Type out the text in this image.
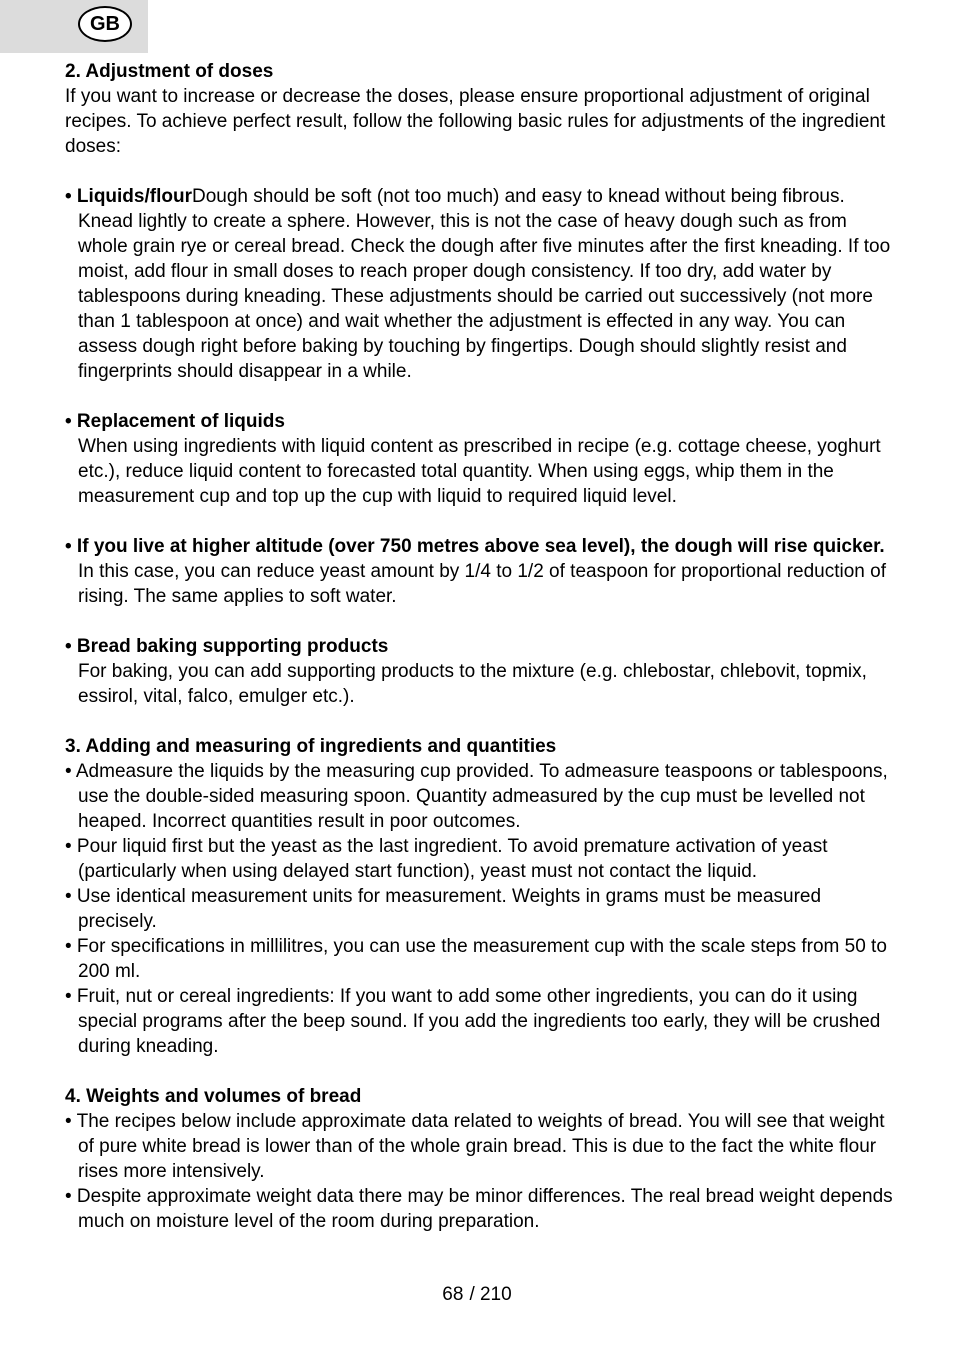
GB

2. Adjustment of doses

If you want to increase or decrease the doses, please ensure proportional adjustment of original recipes. To achieve perfect result, follow the following basic rules for adjustments of the ingredient doses:

• Liquids/flourDough should be soft (not too much) and easy to knead without being fibrous. Knead lightly to create a sphere. However, this is not the case of heavy dough such as from whole grain rye or cereal bread. Check the dough after five minutes after the first kneading. If too moist, add flour in small doses to reach proper dough consistency. If too dry, add water by tablespoons during kneading. These adjustments should be carried out successively (not more than 1 tablespoon at once) and wait whether the adjustment is effected in any way. You can assess dough right before baking by touching by fingertips. Dough should slightly resist and fingerprints should disappear in a while.

• Replacement of liquids

When using ingredients with liquid content as prescribed in recipe (e.g. cottage cheese, yoghurt etc.), reduce liquid content to forecasted total quantity. When using eggs, whip them in the measurement cup and top up the cup with liquid to required liquid level.

• If you live at higher altitude (over 750 metres above sea level), the dough will rise quicker. In this case, you can reduce yeast amount by 1/4 to 1/2 of teaspoon for proportional reduction of rising. The same applies to soft water.

• Bread baking supporting products

For baking, you can add supporting products to the mixture (e.g. chlebostar, chlebovit, topmix, essirol, vital, falco, emulger etc.).

3. Adding and measuring of ingredients and quantities

• Admeasure the liquids by the measuring cup provided. To admeasure teaspoons or tablespoons, use the double-sided measuring spoon. Quantity admeasured by the cup must be levelled not heaped. Incorrect quantities result in poor outcomes.

• Pour liquid first but the yeast as the last ingredient. To avoid premature activation of yeast (particularly when using delayed start function), yeast must not contact the liquid.

• Use identical measurement units for measurement. Weights in grams must be measured precisely.

• For specifications in millilitres, you can use the measurement cup with the scale steps from 50 to 200 ml.

• Fruit, nut or cereal ingredients: If you want to add some other ingredients, you can do it using special programs after the beep sound. If you add the ingredients too early, they will be crushed during kneading.

4. Weights and volumes of bread

• The recipes below include approximate data related to weights of bread. You will see that weight of pure white bread is lower than of the whole grain bread. This is due to the fact the white flour rises more intensively.

• Despite approximate weight data there may be minor differences. The real bread weight depends much on moisture level of the room during preparation.

68 / 210
